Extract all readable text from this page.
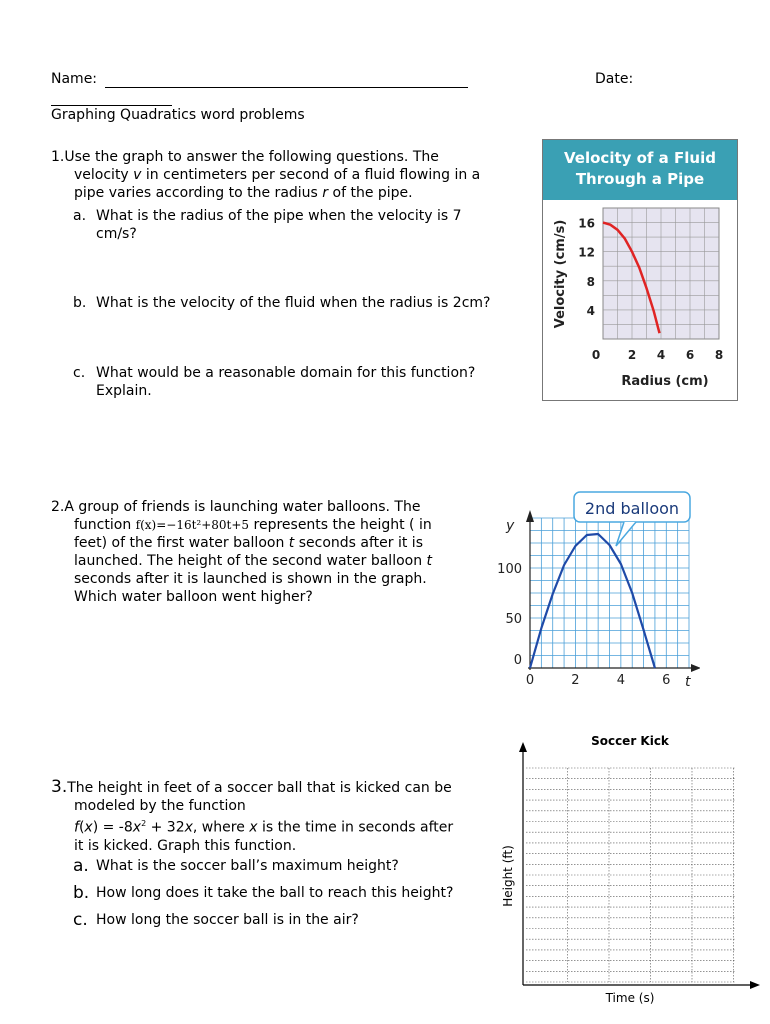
Name:	Date:
Graphing Quadratics word problems
1.Use the graph to answer the following questions. The
velocity v in centimeters per second of a fluid flowing in a
pipe varies according to the radius r of the pipe.
a. What is the radius of the pipe when the velocity is 7
cm/s?
b. What is the velocity of the fluid when the radius is 2cm?
c. What would be a reasonable domain for this function?
Explain.
Velocity of a Fluid
Through a Pipe
4
8
12
16
0 2 4 6 8
Velocity (cm/s)
Radius (cm)
2.A group of friends is launching water balloons. The
function f(x)=−16t²+80t+5 represents the height ( in
feet) of the first water balloon t seconds after it is
launched. The height of the second water balloon t
seconds after it is launched is shown in the graph.
Which water balloon went higher?
0
50
100
0	2	4	6
2nd balloon
y
t
3.The height in feet of a soccer ball that is kicked can be
modeled by the function
$f(x) = -8x^2 + 32x$, where x is the time in seconds after
it is kicked. Graph this function.
a. What is the soccer ball’s maximum height?
b. How long does it take the ball to reach this height?
c. How long the soccer ball is in the air?
Soccer Kick
Height (ft)
Time (s)
